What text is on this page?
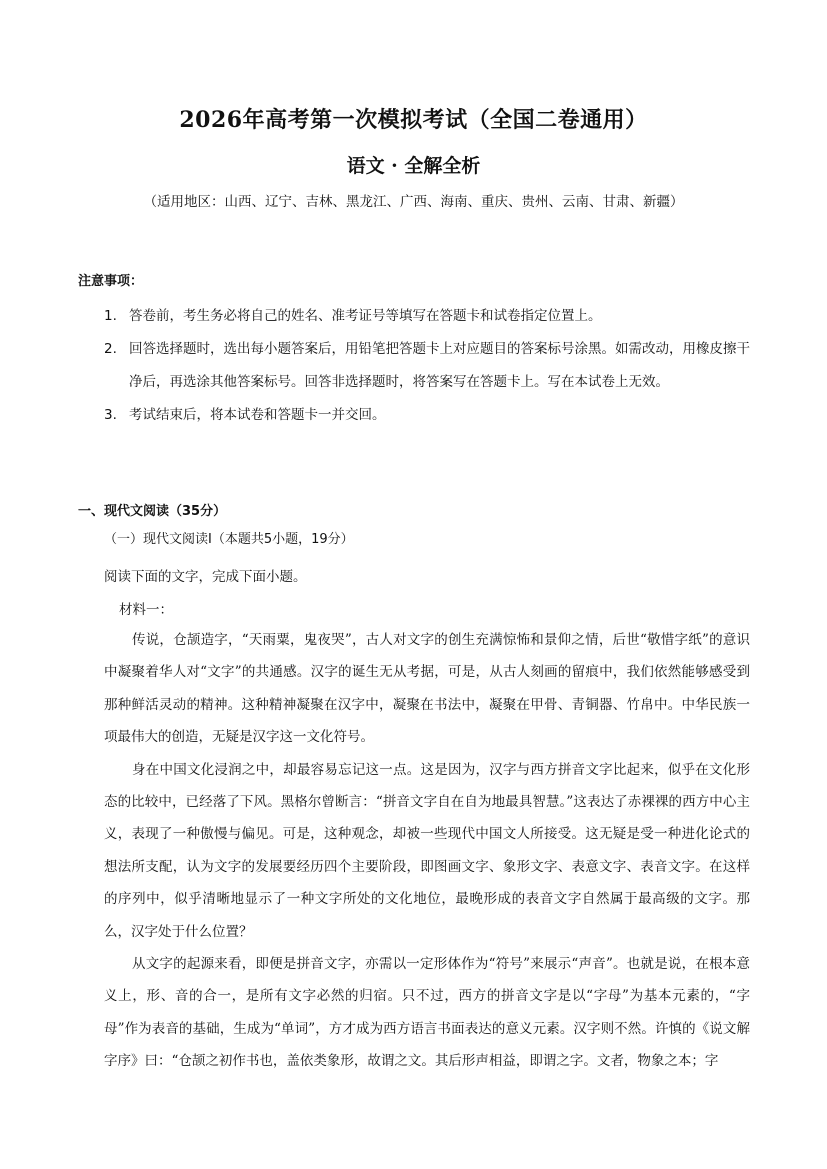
2026年高考第一次模拟考试（全国二卷通用）
语文 · 全解全析
（适用地区：山西、辽宁、吉林、黑龙江、广西、海南、重庆、贵州、云南、甘肃、新疆）
注意事项：
1. 答卷前，考生务必将自己的姓名、准考证号等填写在答题卡和试卷指定位置上。
2. 回答选择题时，选出每小题答案后，用铅笔把答题卡上对应题目的答案标号涂黑。如需改动，用橡皮擦干净后，再选涂其他答案标号。回答非选择题时，将答案写在答题卡上。写在本试卷上无效。
3. 考试结束后，将本试卷和答题卡一并交回。
一、现代文阅读（35分）
（一）现代文阅读Ⅰ（本题共5小题，19分）
阅读下面的文字，完成下面小题。
材料一：

传说，仓颉造字，“天雨粟，鬼夜哭”，古人对文字的创生充满惊怖和景仰之情，后世“敬惜字纸”的意识中凝聚着华人对“文字”的共通感。汉字的诞生无从考据，可是，从古人刻画的留痕中，我们依然能够感受到那种鲜活灵动的精神。这种精神凝聚在汉字中，凝聚在书法中，凝聚在甲骨、青铜器、竹帛中。中华民族一项最伟大的创造，无疑是汉字这一文化符号。

身在中国文化浸润之中，却最容易忘记这一点。这是因为，汉字与西方拼音文字比起来，似乎在文化形态的比较中，已经落了下风。黑格尔曾断言：“拼音文字自在自为地最具智慧。”这表达了赤裸裸的西方中心主义，表现了一种傲慢与偏见。可是，这种观念，却被一些现代中国文人所接受。这无疑是受一种进化论式的想法所支配，认为文字的发展要经历四个主要阶段，即图画文字、象形文字、表意文字、表音文字。在这样的序列中，似乎清晰地显示了一种文字所处的文化地位，最晚形成的表音文字自然属于最高级的文字。那么，汉字处于什么位置？

从文字的起源来看，即便是拼音文字，亦需以一定形体作为“符号”来展示“声音”。也就是说，在根本意义上，形、音的合一，是所有文字必然的归宿。只不过，西方的拼音文字是以“字母”为基本元素的，“字母”作为表音的基础，生成为“单词”，方才成为西方语言书面表达的意义元素。汉字则不然。许慎的《说文解字序》曰：“仓颉之初作书也，盖依类象形，故谓之文。其后形声相益，即谓之字。文者，物象之本；字
